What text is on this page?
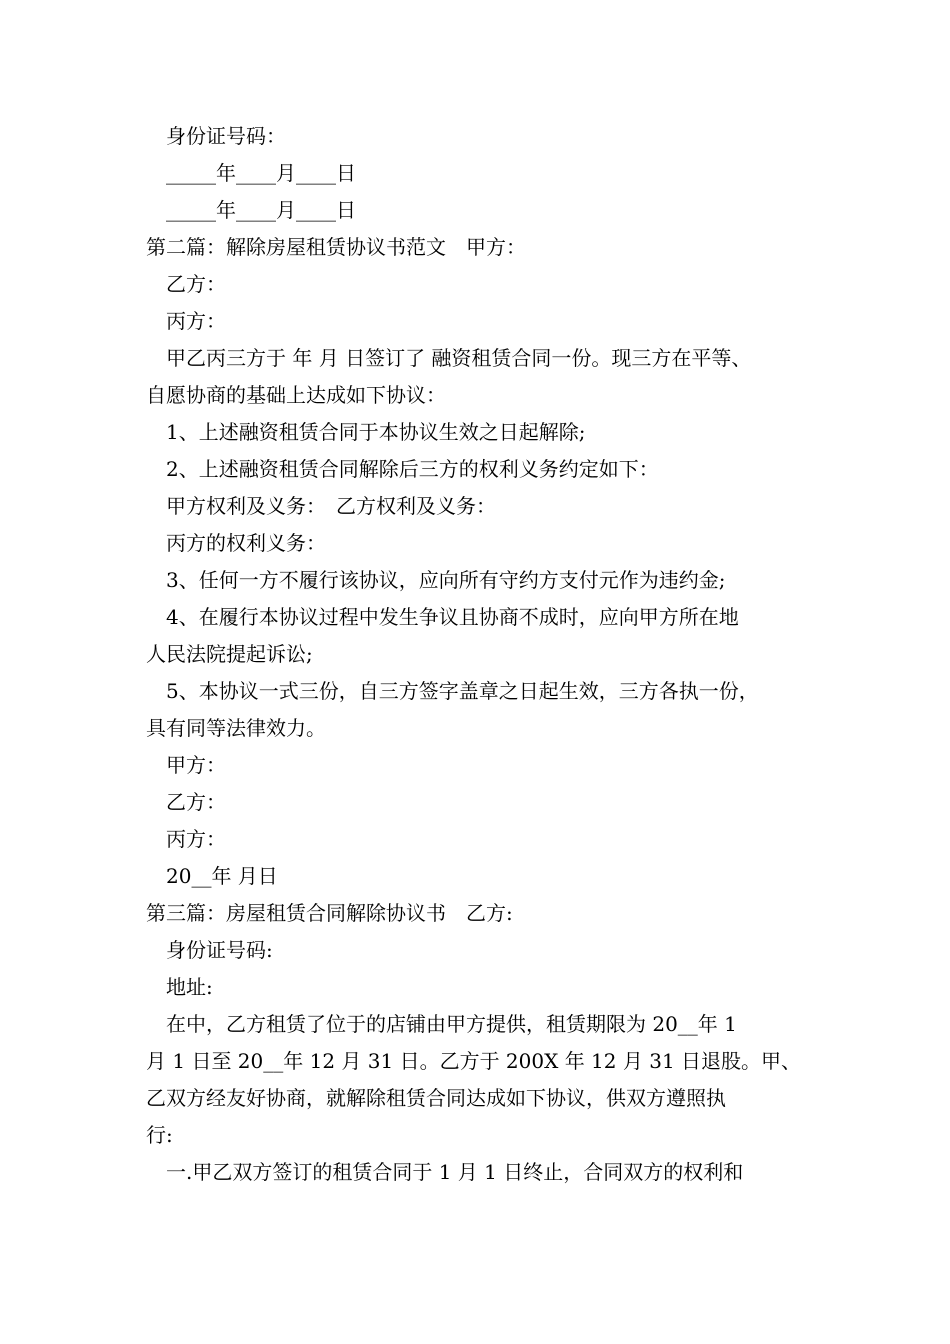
身份证号码：
_____年____月____日
_____年____月____日
第二篇：解除房屋租赁协议书范文　甲方：
乙方：
丙方：
甲乙丙三方于 年 月 日签订了 融资租赁合同一份。现三方在平等、
自愿协商的基础上达成如下协议：
1、上述融资租赁合同于本协议生效之日起解除;
2、上述融资租赁合同解除后三方的权利义务约定如下：
甲方权利及义务：　乙方权利及义务：
丙方的权利义务：
3、任何一方不履行该协议，应向所有守约方支付元作为违约金;
4、在履行本协议过程中发生争议且协商不成时，应向甲方所在地
人民法院提起诉讼;
5、本协议一式三份，自三方签字盖章之日起生效，三方各执一份，
具有同等法律效力。
甲方：
乙方：
丙方：
20__年 月日
第三篇：房屋租赁合同解除协议书　乙方:
身份证号码:
地址:
在中，乙方租赁了位于的店铺由甲方提供，租赁期限为 20__年 1
月 1 日至 20__年 12 月 31 日。乙方于 200X 年 12 月 31 日退股。甲、
乙双方经友好协商，就解除租赁合同达成如下协议，供双方遵照执
行:
一.甲乙双方签订的租赁合同于 1 月 1 日终止，合同双方的权利和
